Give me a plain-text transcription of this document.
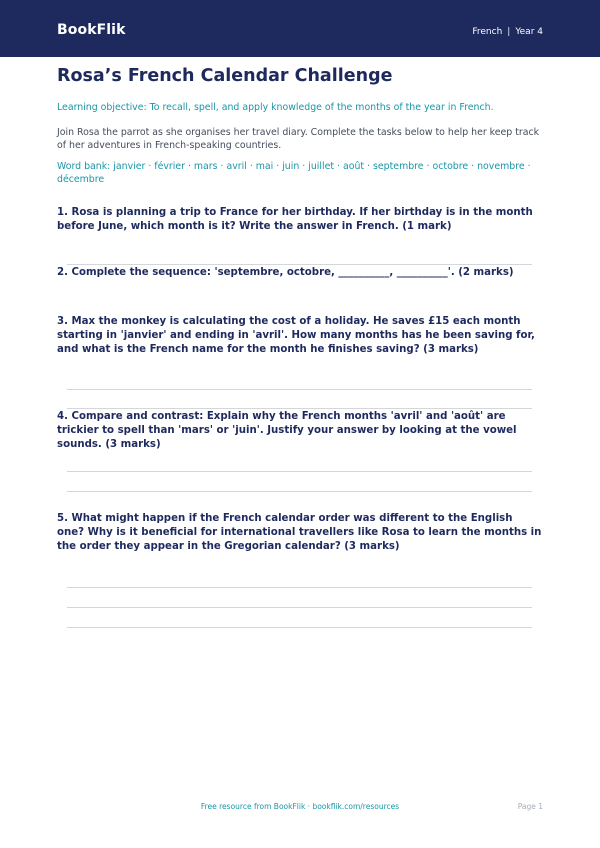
BookFlik	French | Year 4
Rosa’s French Calendar Challenge
Learning objective: To recall, spell, and apply knowledge of the months of the year in French.
Join Rosa the parrot as she organises her travel diary. Complete the tasks below to help her keep track of her adventures in French-speaking countries.
Word bank: janvier · février · mars · avril · mai · juin · juillet · août · septembre · octobre · novembre · décembre
1. Rosa is planning a trip to France for her birthday. If her birthday is in the month before June, which month is it? Write the answer in French. (1 mark)
2. Complete the sequence: 'septembre, octobre, __________, __________'. (2 marks)
3. Max the monkey is calculating the cost of a holiday. He saves £15 each month starting in 'janvier' and ending in 'avril'. How many months has he been saving for, and what is the French name for the month he finishes saving? (3 marks)
4. Compare and contrast: Explain why the French months 'avril' and 'août' are trickier to spell than 'mars' or 'juin'. Justify your answer by looking at the vowel sounds. (3 marks)
5. What might happen if the French calendar order was different to the English one? Why is it beneficial for international travellers like Rosa to learn the months in the order they appear in the Gregorian calendar? (3 marks)
Free resource from BookFlik · bookflik.com/resources	Page 1
